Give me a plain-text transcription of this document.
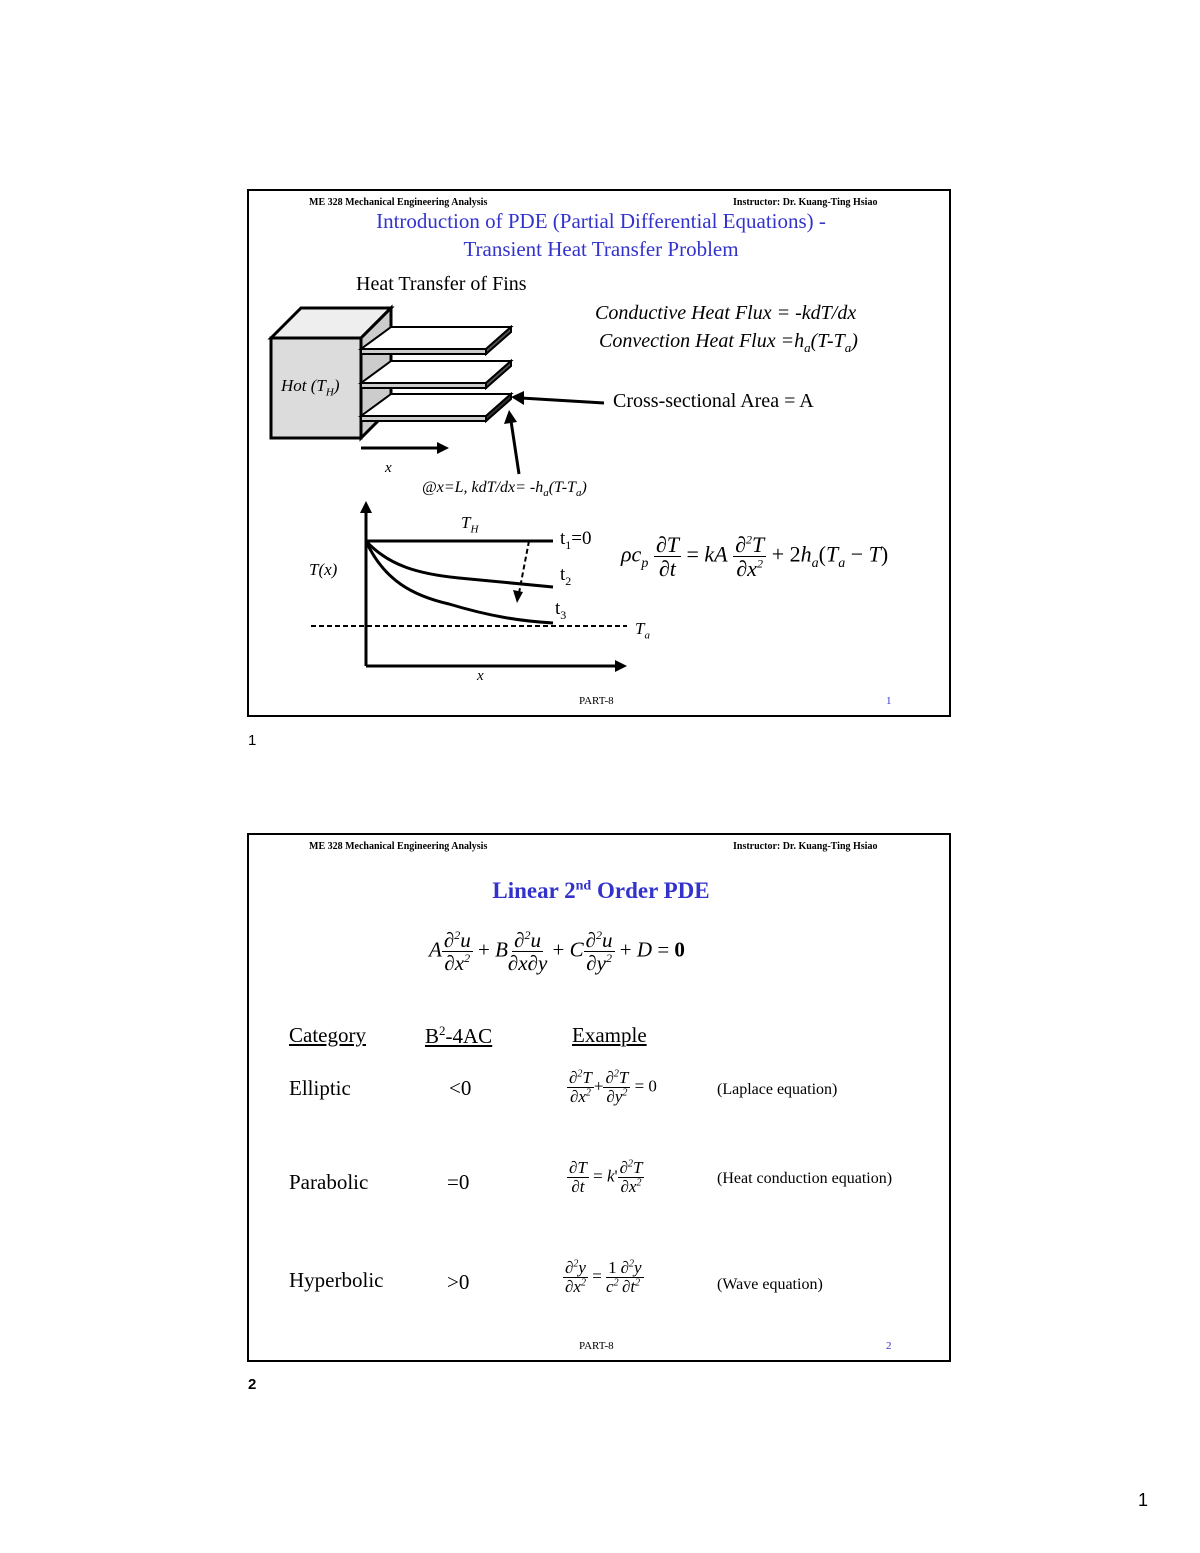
ME 328 Mechanical Engineering Analysis	Instructor: Dr. Kuang-Ting Hsiao
Introduction of PDE (Partial Differential Equations) -
Transient Heat Transfer Problem
Heat Transfer of Fins
Hot $(T_H)$
Conductive Heat Flux = -kdT/dx
Convection Heat Flux $=h_a(T-T_a)$
Cross-sectional Area = A
x
@x=L, $kdT/dx= -h_a(T-T_a)$
$T_H$
T(x)
x
$T_a$
$t_1=0$
$t_2$
$t_3$
$\rho c_p \frac{\partial T}{\partial t}$ = kA $\frac{\partial^2T}{\partial x^2} + 2h_a(T_a - T)$
PART-8	1
1
ME 328 Mechanical Engineering Analysis	Instructor: Dr. Kuang-Ting Hsiao
Linear 2nd Order PDE
A $\frac{\partial^2u}{\partial x^2} + B \frac{\partial^2u}{\partial x\partial y} + C \frac{\partial^2u}{\partial y^2} + D = 0$
Category	$B^2-4AC$	Example
Elliptic	<0	$\frac{\partial^2T}{\partial x^2} + \frac{\partial^2T}{\partial y^2} = 0$	(Laplace equation)
Parabolic	=0	$\frac{\partial T}{\partial t} = k' \frac{\partial^2T}{\partial x^2}$	(Heat conduction equation)
Hyperbolic	>0	$\frac{\partial^2y}{\partial x^2} = \frac{1}{c^2} \frac{\partial^2y}{\partial t^2}$	(Wave equation)
PART-8	2
2
1
